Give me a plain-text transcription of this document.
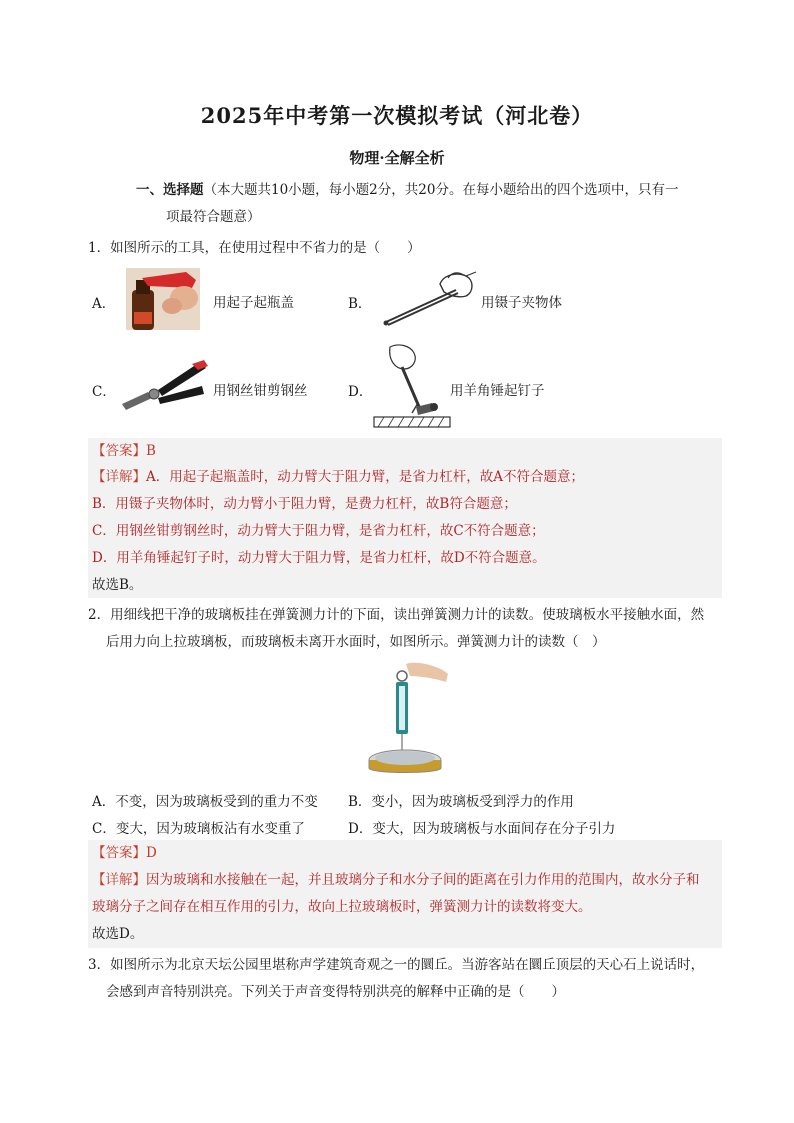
2025年中考第一次模拟考试（河北卷）
物理·全解全析
一、选择题（本大题共10小题，每小题2分，共20分。在每小题给出的四个选项中，只有一
项最符合题意）
1．如图所示的工具，在使用过程中不省力的是（　　）
A．	用起子起瓶盖	B．	用镊子夹物体
C．	用钢丝钳剪钢丝	D．	用羊角锤起钉子
【答案】B
【详解】A．用起子起瓶盖时，动力臂大于阻力臂，是省力杠杆，故A不符合题意；
B．用镊子夹物体时，动力臂小于阻力臂，是费力杠杆，故B符合题意；
C．用钢丝钳剪钢丝时，动力臂大于阻力臂，是省力杠杆，故C不符合题意；
D．用羊角锤起钉子时，动力臂大于阻力臂，是省力杠杆，故D不符合题意。
故选B。
2．用细线把干净的玻璃板挂在弹簧测力计的下面，读出弹簧测力计的读数。使玻璃板水平接触水面，然
后用力向上拉玻璃板，而玻璃板未离开水面时，如图所示。弹簧测力计的读数（　）
A．不变，因为玻璃板受到的重力不变 B．变小，因为玻璃板受到浮力的作用
C．变大，因为玻璃板沾有水变重了	D．变大，因为玻璃板与水面间存在分子引力
【答案】D
【详解】因为玻璃和水接触在一起，并且玻璃分子和水分子间的距离在引力作用的范围内，故水分子和
玻璃分子之间存在相互作用的引力，故向上拉玻璃板时，弹簧测力计的读数将变大。
故选D。
3．如图所示为北京天坛公园里堪称声学建筑奇观之一的圜丘。当游客站在圜丘顶层的天心石上说话时，
会感到声音特别洪亮。下列关于声音变得特别洪亮的解释中正确的是（　　）
